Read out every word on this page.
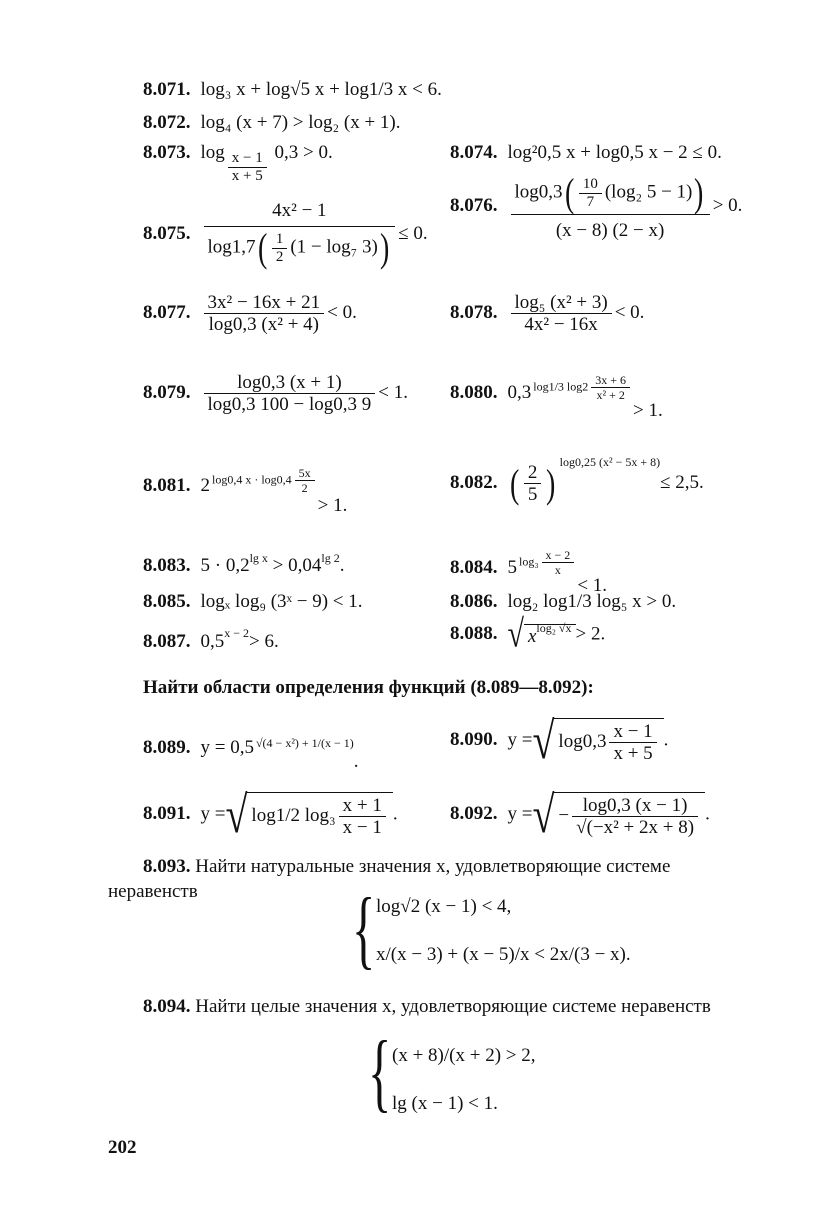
8.071. log₃ x + log√5 x + log1/3 x < 6.
8.072. log₄ (x + 7) > log₂ (x + 1).
8.073. $\log \frac{x - 1}{x + 5} 0,3 > 0$.	8.074. log²0,5 x + log0,5 x − 2 ≤ 0.
8.075. $\frac{\text{4x² − 1}}{\log 1,7( \frac{1}{2} (1 - \log_7 3))} \le 0$.
8.076. $\frac{\log 0,3( \frac{10}{7} (\log_2 5 - 1))}{(x - 8) (2 - x)} > 0$.
8.077. $\frac{\text{3x² − 16x + 21}}{\text{log0,3 (x² + 4)}} < 0$.	8.078. $\frac{\text{log₅ (x² + 3)}}{\text{4x² − 16x}} < 0$.
8.079. $\frac{\log 0,3 (x + 1)}{\log 0,3 100 - \log 0,3 9} < 1$. 8.080. 0,3 log1/3 $\log 2 \frac{3x + 6}{\text{x² + 2}}$
> 1.
8.081. 2 log0,4 $x \cdot \log 0,4 \frac{5x}{2}$
> 1.
8.082. ( $\frac{2}{5}$ ) log0,25 (x² − 5x + 8)≤ 2,5.
8.083. $5 \cdot 0,2^{lg x} > 0,04^{lg 2}$.	8.084. 5 $\log_3 \frac{x - 2}{x}$
< 1.
8.085. logₓ log₉ (3ˣ − 9) < 1.	8.086. log₂ log1/3 log₅ x > 0.
8.087. $0,5^{x - 2}> 6$.	8.088. √ $x^{log_2 √x} > 2$.
Найти области определения функций (8.089—8.092):
8.089. y = 0,5 √(4 − x²) + 1/(x − 1).
8.090. y =√ $\log 0,3 \frac{x - 1}{x + 5}$ .
8.091. y =√ log1/2 $\log_3 \frac{x + 1}{x - 1}$ .	8.092. y =√ − $\frac{\log 0,3 (x - 1)}{\text{√(−x² + 2x + 8)}}$ .
8.093. Найти натуральные значения x, удовлетворяющие системе неравенств	{ log√2 (x − 1) < 4,
x/(x − 3) + (x − 5)/x < 2x/(3 − x).
8.094. Найти целые значения x, удовлетворяющие системе неравенств
{ (x + 8)/(x + 2) > 2,
lg (x − 1) < 1.
202
